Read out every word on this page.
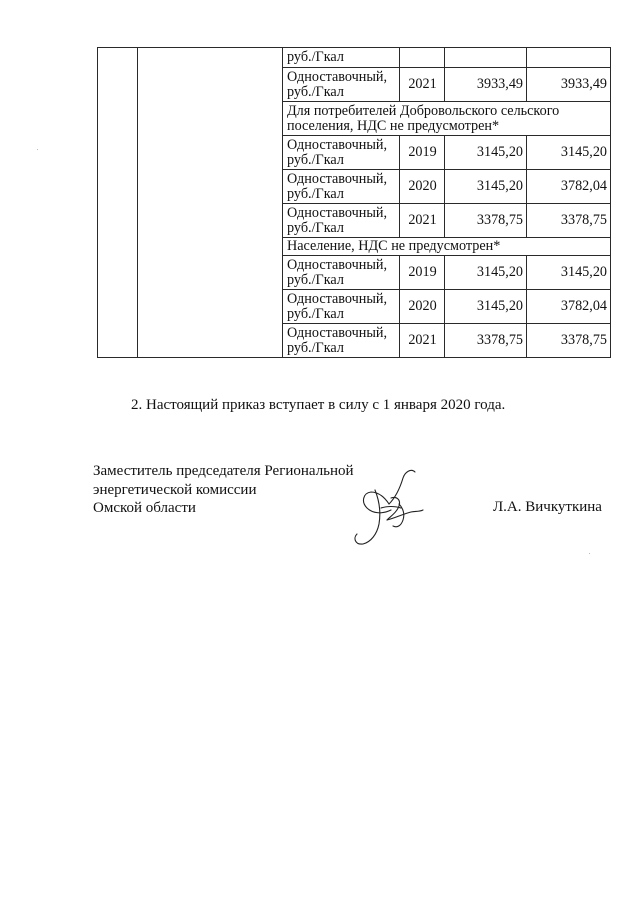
		руб./Гкал			
		Одноставочный, руб./Гкал	2021	3933,49	3933,49
		Для потребителей Добровольского сельского поселения, НДС не предусмотрен*			
		Одноставочный, руб./Гкал	2019	3145,20	3145,20
		Одноставочный, руб./Гкал	2020	3145,20	3782,04
		Одноставочный, руб./Гкал	2021	3378,75	3378,75
		Население, НДС не предусмотрен*			
		Одноставочный, руб./Гкал	2019	3145,20	3145,20
		Одноставочный, руб./Гкал	2020	3145,20	3782,04
		Одноставочный, руб./Гкал	2021	3378,75	3378,75
2. Настоящий приказ вступает в силу с 1 января 2020 года.
Заместитель председателя Региональной
энергетической комиссии
Омской области	Л.А. Вичкуткина
